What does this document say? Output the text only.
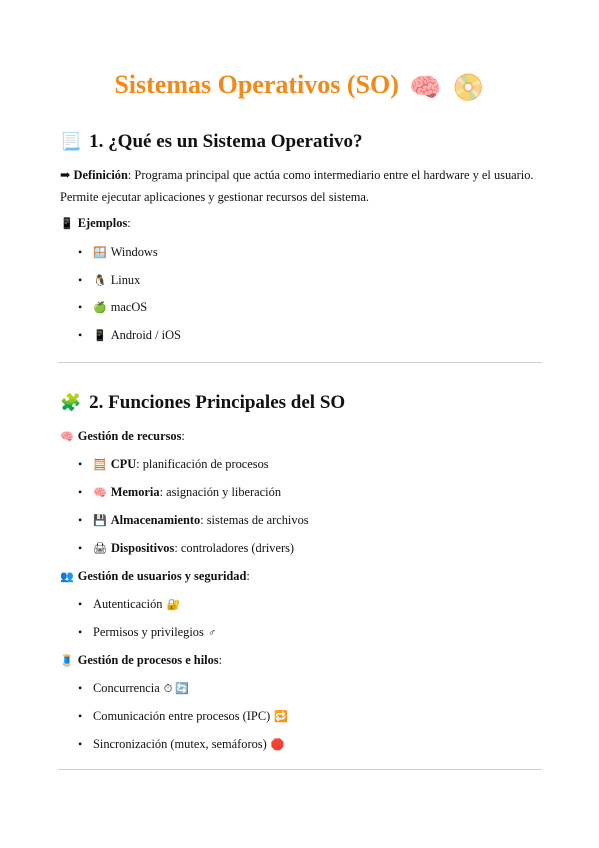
Sistemas Operativos (SO) 🧠 📀
📃 1. ¿Qué es un Sistema Operativo?
➡ Definición: Programa principal que actúa como intermediario entre el hardware y el usuario. Permite ejecutar aplicaciones y gestionar recursos del sistema.
📱 Ejemplos:
• 🪟 Windows
• 🐧 Linux
• 🍏 macOS
• 📱 Android / iOS
🧩 2. Funciones Principales del SO
🧠 Gestión de recursos:
• 🧮 CPU: planificación de procesos
• 🧠 Memoria: asignación y liberación
• 💾 Almacenamiento: sistemas de archivos
• 🖨 Dispositivos: controladores (drivers)
👥 Gestión de usuarios y seguridad:
• Autenticación 🔐
• Permisos y privilegios ♂
🧵 Gestión de procesos e hilos:
• Concurrencia ⏱ 🔄
• Comunicación entre procesos (IPC) 🔁
• Sincronización (mutex, semáforos) 🛑
